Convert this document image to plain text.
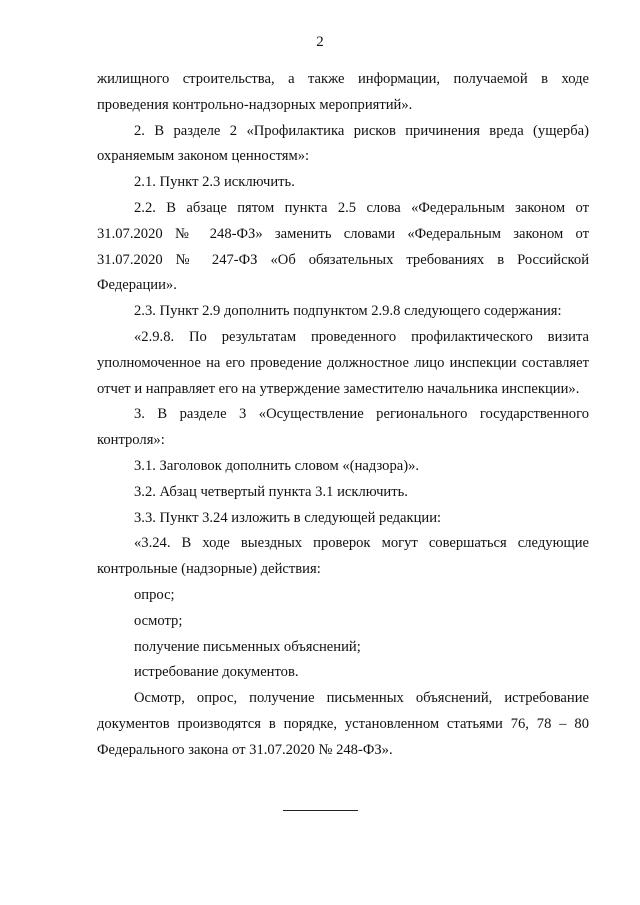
2

жилищного строительства, а также информации, получаемой в ходе проведения контрольно-надзорных мероприятий».

2. В разделе 2 «Профилактика рисков причинения вреда (ущерба) охраняемым законом ценностям»:

2.1. Пункт 2.3 исключить.

2.2. В абзаце пятом пункта 2.5 слова «Федеральным законом от 31.07.2020 № 248-ФЗ» заменить словами «Федеральным законом от 31.07.2020 № 247-ФЗ «Об обязательных требованиях в Российской Федерации».

2.3. Пункт 2.9 дополнить подпунктом 2.9.8 следующего содержания:

«2.9.8. По результатам проведенного профилактического визита уполномоченное на его проведение должностное лицо инспекции составляет отчет и направляет его на утверждение заместителю начальника инспекции».

3. В разделе 3 «Осуществление регионального государственного контроля»:

3.1. Заголовок дополнить словом «(надзора)».

3.2. Абзац четвертый пункта 3.1 исключить.

3.3. Пункт 3.24 изложить в следующей редакции:

«3.24. В ходе выездных проверок могут совершаться следующие контрольные (надзорные) действия:

опрос;

осмотр;

получение письменных объяснений;

истребование документов.

Осмотр, опрос, получение письменных объяснений, истребование документов производятся в порядке, установленном статьями 76, 78 – 80 Федерального закона от 31.07.2020 № 248-ФЗ».
